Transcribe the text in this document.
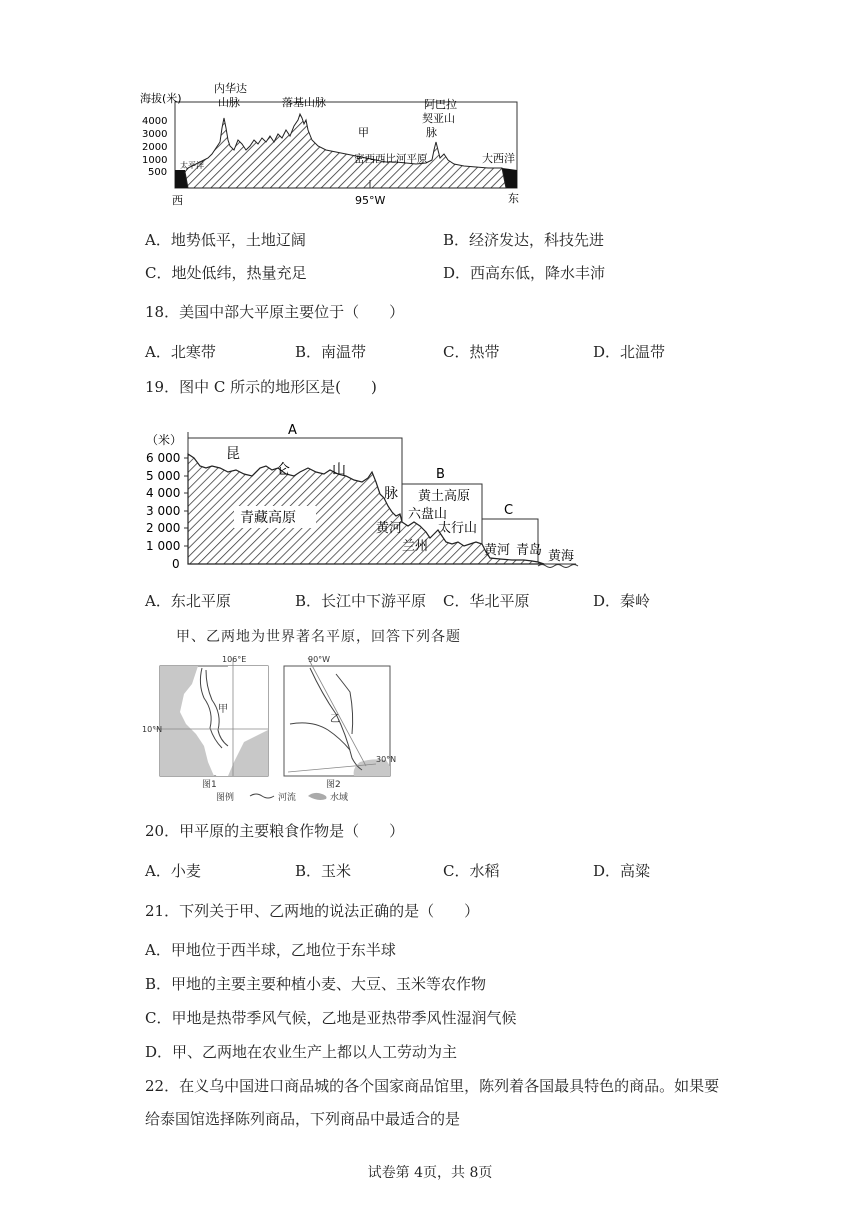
海拔(米)
4000
3000
2000
1000
500
内华达
山脉	落基山脉	阿巴拉
契亚山
脉
甲
密西西比河平原
太平洋
大西洋
西	95°W	东
A．地势低平，土地辽阔	B．经济发达，科技先进
C．地处低纬，热量充足	D．西高东低，降水丰沛
18．美国中部大平原主要位于（　　）
A．北寒带	B．南温带	C．热带	D．北温带
19．图中 C 所示的地形区是(　　)
（米）
6 000
5 000
4 000
3 000
2 000
1 000
0
A
B
C
青藏高原
昆
仑	山
脉 黄土高原
六盘山
太行山
黄河
兰州	黄河 青岛 黄海
A．东北平原	B．长江中下游平原 C．华北平原	D．秦岭
甲、乙两地为世界著名平原，回答下列各题
106°E
10°N
甲
图1
90°W
30°N
乙
图2
图例	河流	水域
20．甲平原的主要粮食作物是（　　）
A．小麦	B．玉米	C．水稻	D．高粱
21．下列关于甲、乙两地的说法正确的是（　　）
A．甲地位于西半球，乙地位于东半球
B．甲地的主要主要种植小麦、大豆、玉米等农作物
C．甲地是热带季风气候，乙地是亚热带季风性湿润气候
D．甲、乙两地在农业生产上都以人工劳动为主
22．在义乌中国进口商品城的各个国家商品馆里，陈列着各国最具特色的商品。如果要
给泰国馆选择陈列商品，下列商品中最适合的是
试卷第 4页，共 8页
